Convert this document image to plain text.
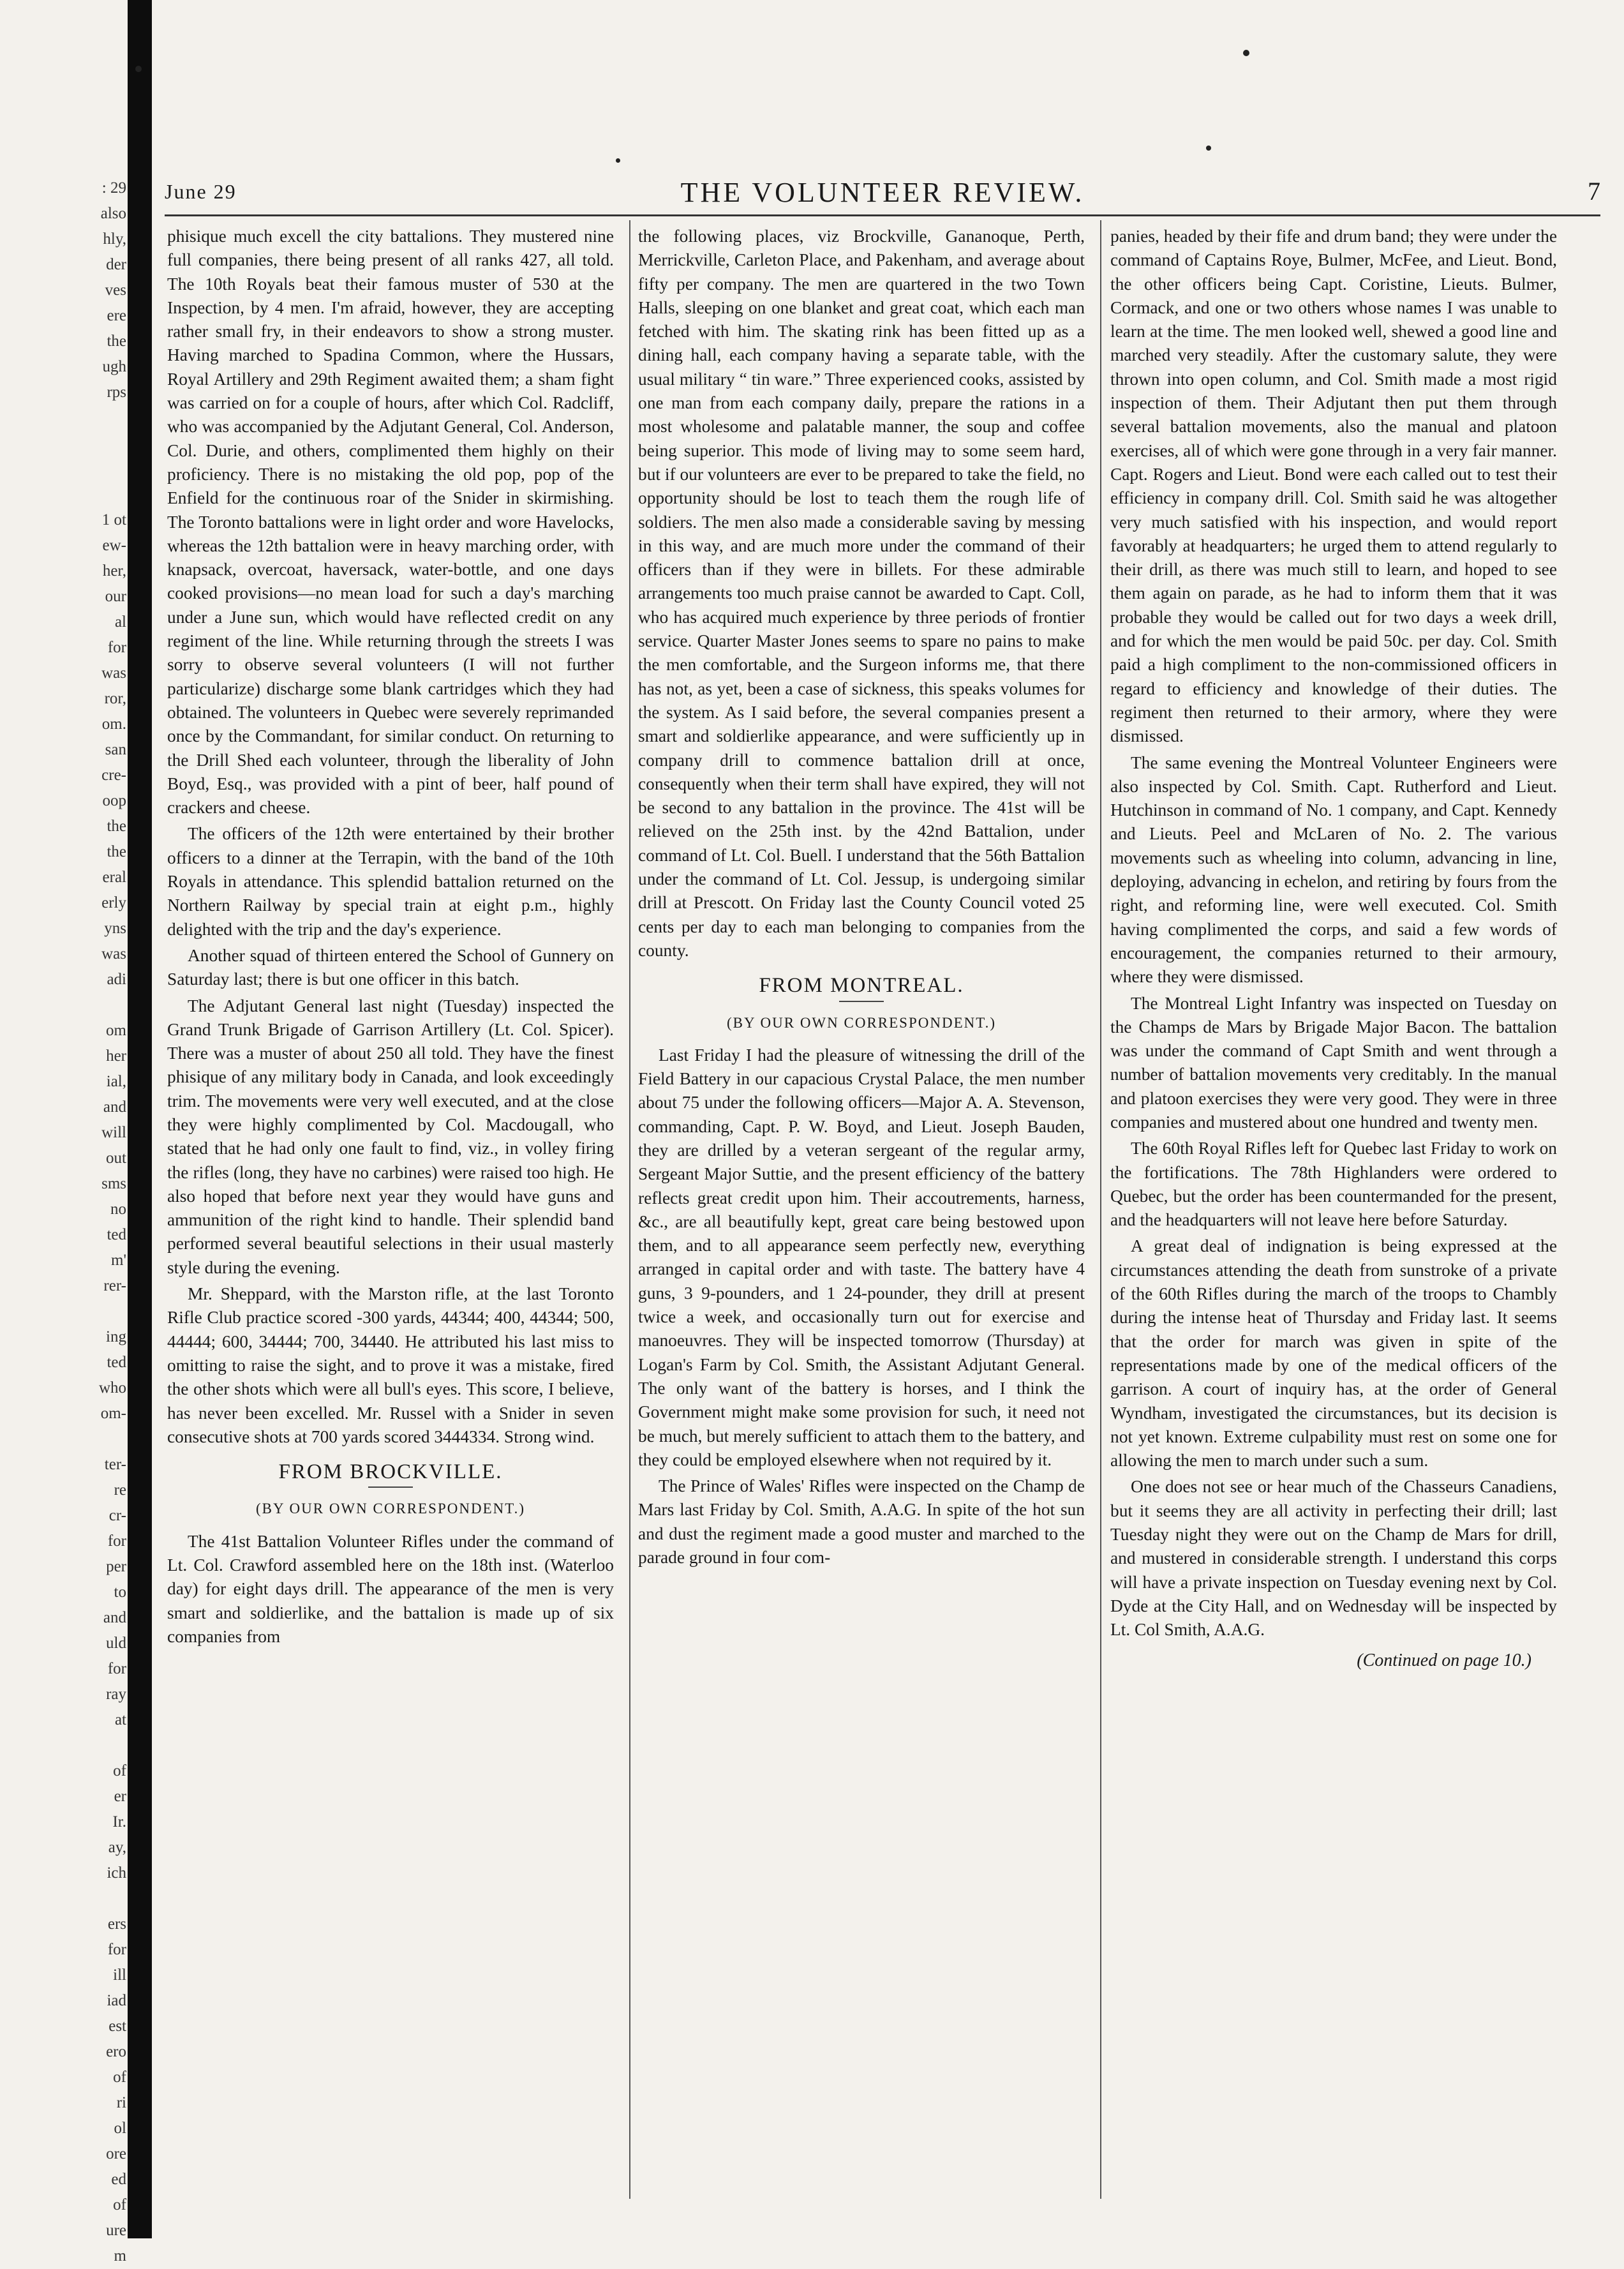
: 29
also
hly,
der
ves
ere
the
ugh
rps
1 ot
ew-
her,
our
al
for
was
ror,
om.
san
cre-
oop
the
the
eral
erly
yns
was
adi
om
her
ial,
and
will
out
sms
no
ted
m'
rer-
ing
ted
who
om-
ter-
re
cr-
for
per
to
and
uld
for
ray
at
of
er
Ir.
ay,
ich
ers
for
ill
iad
est
ero
of
ri
ol
ore
ed
of
ure
m
June 29	THE VOLUNTEER REVIEW.	7

phisique much excell the city battalions. They mustered nine full companies, there being present of all ranks 427, all told. The 10th Royals beat their famous muster of 530 at the Inspection, by 4 men. I'm afraid, however, they are accepting rather small fry, in their endeavors to show a strong muster. Having marched to Spadina Common, where the Hussars, Royal Artillery and 29th Regiment awaited them; a sham fight was carried on for a couple of hours, after which Col. Radcliff, who was accompanied by the Adjutant General, Col. Anderson, Col. Durie, and others, complimented them highly on their proficiency. There is no mistaking the old pop, pop of the Enfield for the continuous roar of the Snider in skirmishing. The Toronto battalions were in light order and wore Havelocks, whereas the 12th battalion were in heavy marching order, with knapsack, overcoat, haversack, water-bottle, and one days cooked provisions—no mean load for such a day's marching under a June sun, which would have reflected credit on any regiment of the line. While returning through the streets I was sorry to observe several volunteers (I will not further particularize) discharge some blank cartridges which they had obtained. The volunteers in Quebec were severely reprimanded once by the Commandant, for similar conduct. On returning to the Drill Shed each volunteer, through the liberality of John Boyd, Esq., was provided with a pint of beer, half pound of crackers and cheese.

The officers of the 12th were entertained by their brother officers to a dinner at the Terrapin, with the band of the 10th Royals in attendance. This splendid battalion returned on the Northern Railway by special train at eight p.m., highly delighted with the trip and the day's experience.

Another squad of thirteen entered the School of Gunnery on Saturday last; there is but one officer in this batch.

The Adjutant General last night (Tuesday) inspected the Grand Trunk Brigade of Garrison Artillery (Lt. Col. Spicer). There was a muster of about 250 all told. They have the finest phisique of any military body in Canada, and look exceedingly trim. The movements were very well executed, and at the close they were highly complimented by Col. Macdougall, who stated that he had only one fault to find, viz., in volley firing the rifles (long, they have no carbines) were raised too high. He also hoped that before next year they would have guns and ammunition of the right kind to handle. Their splendid band performed several beautiful selections in their usual masterly style during the evening.

Mr. Sheppard, with the Marston rifle, at the last Toronto Rifle Club practice scored -300 yards, 44344; 400, 44344; 500, 44444; 600, 34444; 700, 34440. He attributed his last miss to omitting to raise the sight, and to prove it was a mistake, fired the other shots which were all bull's eyes. This score, I believe, has never been excelled. Mr. Russel with a Snider in seven consecutive shots at 700 yards scored 3444334. Strong wind.

FROM BROCKVILLE.
(BY OUR OWN CORRESPONDENT.)

The 41st Battalion Volunteer Rifles under the command of Lt. Col. Crawford assembled here on the 18th inst. (Waterloo day) for eight days drill. The appearance of the men is very smart and soldierlike, and the battalion is made up of six companies from

the following places, viz Brockville, Gananoque, Perth, Merrickville, Carleton Place, and Pakenham, and average about fifty per company. The men are quartered in the two Town Halls, sleeping on one blanket and great coat, which each man fetched with him. The skating rink has been fitted up as a dining hall, each company having a separate table, with the usual military “ tin ware.” Three experienced cooks, assisted by one man from each company daily, prepare the rations in a most wholesome and palatable manner, the soup and coffee being superior. This mode of living may to some seem hard, but if our volunteers are ever to be prepared to take the field, no opportunity should be lost to teach them the rough life of soldiers. The men also made a considerable saving by messing in this way, and are much more under the command of their officers than if they were in billets. For these admirable arrangements too much praise cannot be awarded to Capt. Coll, who has acquired much experience by three periods of frontier service. Quarter Master Jones seems to spare no pains to make the men comfortable, and the Surgeon informs me, that there has not, as yet, been a case of sickness, this speaks volumes for the system. As I said before, the several companies present a smart and soldierlike appearance, and were sufficiently up in company drill to commence battalion drill at once, consequently when their term shall have expired, they will not be second to any battalion in the province. The 41st will be relieved on the 25th inst. by the 42nd Battalion, under command of Lt. Col. Buell. I understand that the 56th Battalion under the command of Lt. Col. Jessup, is undergoing similar drill at Prescott. On Friday last the County Council voted 25 cents per day to each man belonging to companies from the county.

FROM MONTREAL.
(BY OUR OWN CORRESPONDENT.)

Last Friday I had the pleasure of witnessing the drill of the Field Battery in our capacious Crystal Palace, the men number about 75 under the following officers—Major A. A. Stevenson, commanding, Capt. P. W. Boyd, and Lieut. Joseph Bauden, they are drilled by a veteran sergeant of the regular army, Sergeant Major Suttie, and the present efficiency of the battery reflects great credit upon him. Their accoutrements, harness, &c., are all beautifully kept, great care being bestowed upon them, and to all appearance seem perfectly new, everything arranged in capital order and with taste. The battery have 4 guns, 3 9-pounders, and 1 24-pounder, they drill at present twice a week, and occasionally turn out for exercise and manoeuvres. They will be inspected tomorrow (Thursday) at Logan's Farm by Col. Smith, the Assistant Adjutant General. The only want of the battery is horses, and I think the Government might make some provision for such, it need not be much, but merely sufficient to attach them to the battery, and they could be employed elsewhere when not required by it.

The Prince of Wales' Rifles were inspected on the Champ de Mars last Friday by Col. Smith, A.A.G. In spite of the hot sun and dust the regiment made a good muster and marched to the parade ground in four com-

panies, headed by their fife and drum band; they were under the command of Captains Roye, Bulmer, McFee, and Lieut. Bond, the other officers being Capt. Coristine, Lieuts. Bulmer, Cormack, and one or two others whose names I was unable to learn at the time. The men looked well, shewed a good line and marched very steadily. After the customary salute, they were thrown into open column, and Col. Smith made a most rigid inspection of them. Their Adjutant then put them through several battalion movements, also the manual and platoon exercises, all of which were gone through in a very fair manner. Capt. Rogers and Lieut. Bond were each called out to test their efficiency in company drill. Col. Smith said he was altogether very much satisfied with his inspection, and would report favorably at headquarters; he urged them to attend regularly to their drill, as there was much still to learn, and hoped to see them again on parade, as he had to inform them that it was probable they would be called out for two days a week drill, and for which the men would be paid 50c. per day. Col. Smith paid a high compliment to the non-commissioned officers in regard to efficiency and knowledge of their duties. The regiment then returned to their armory, where they were dismissed.

The same evening the Montreal Volunteer Engineers were also inspected by Col. Smith. Capt. Rutherford and Lieut. Hutchinson in command of No. 1 company, and Capt. Kennedy and Lieuts. Peel and McLaren of No. 2. The various movements such as wheeling into column, advancing in line, deploying, advancing in echelon, and retiring by fours from the right, and reforming line, were well executed. Col. Smith having complimented the corps, and said a few words of encouragement, the companies returned to their armoury, where they were dismissed.

The Montreal Light Infantry was inspected on Tuesday on the Champs de Mars by Brigade Major Bacon. The battalion was under the command of Capt Smith and went through a number of battalion movements very creditably. In the manual and platoon exercises they were very good. They were in three companies and mustered about one hundred and twenty men.

The 60th Royal Rifles left for Quebec last Friday to work on the fortifications. The 78th Highlanders were ordered to Quebec, but the order has been countermanded for the present, and the headquarters will not leave here before Saturday.

A great deal of indignation is being expressed at the circumstances attending the death from sunstroke of a private of the 60th Rifles during the march of the troops to Chambly during the intense heat of Thursday and Friday last. It seems that the order for march was given in spite of the representations made by one of the medical officers of the garrison. A court of inquiry has, at the order of General Wyndham, investigated the circumstances, but its decision is not yet known. Extreme culpability must rest on some one for allowing the men to march under such a sum.

One does not see or hear much of the Chasseurs Canadiens, but it seems they are all activity in perfecting their drill; last Tuesday night they were out on the Champ de Mars for drill, and mustered in considerable strength. I understand this corps will have a private inspection on Tuesday evening next by Col. Dyde at the City Hall, and on Wednesday will be inspected by Lt. Col Smith, A.A.G.

(Continued on page 10.)
